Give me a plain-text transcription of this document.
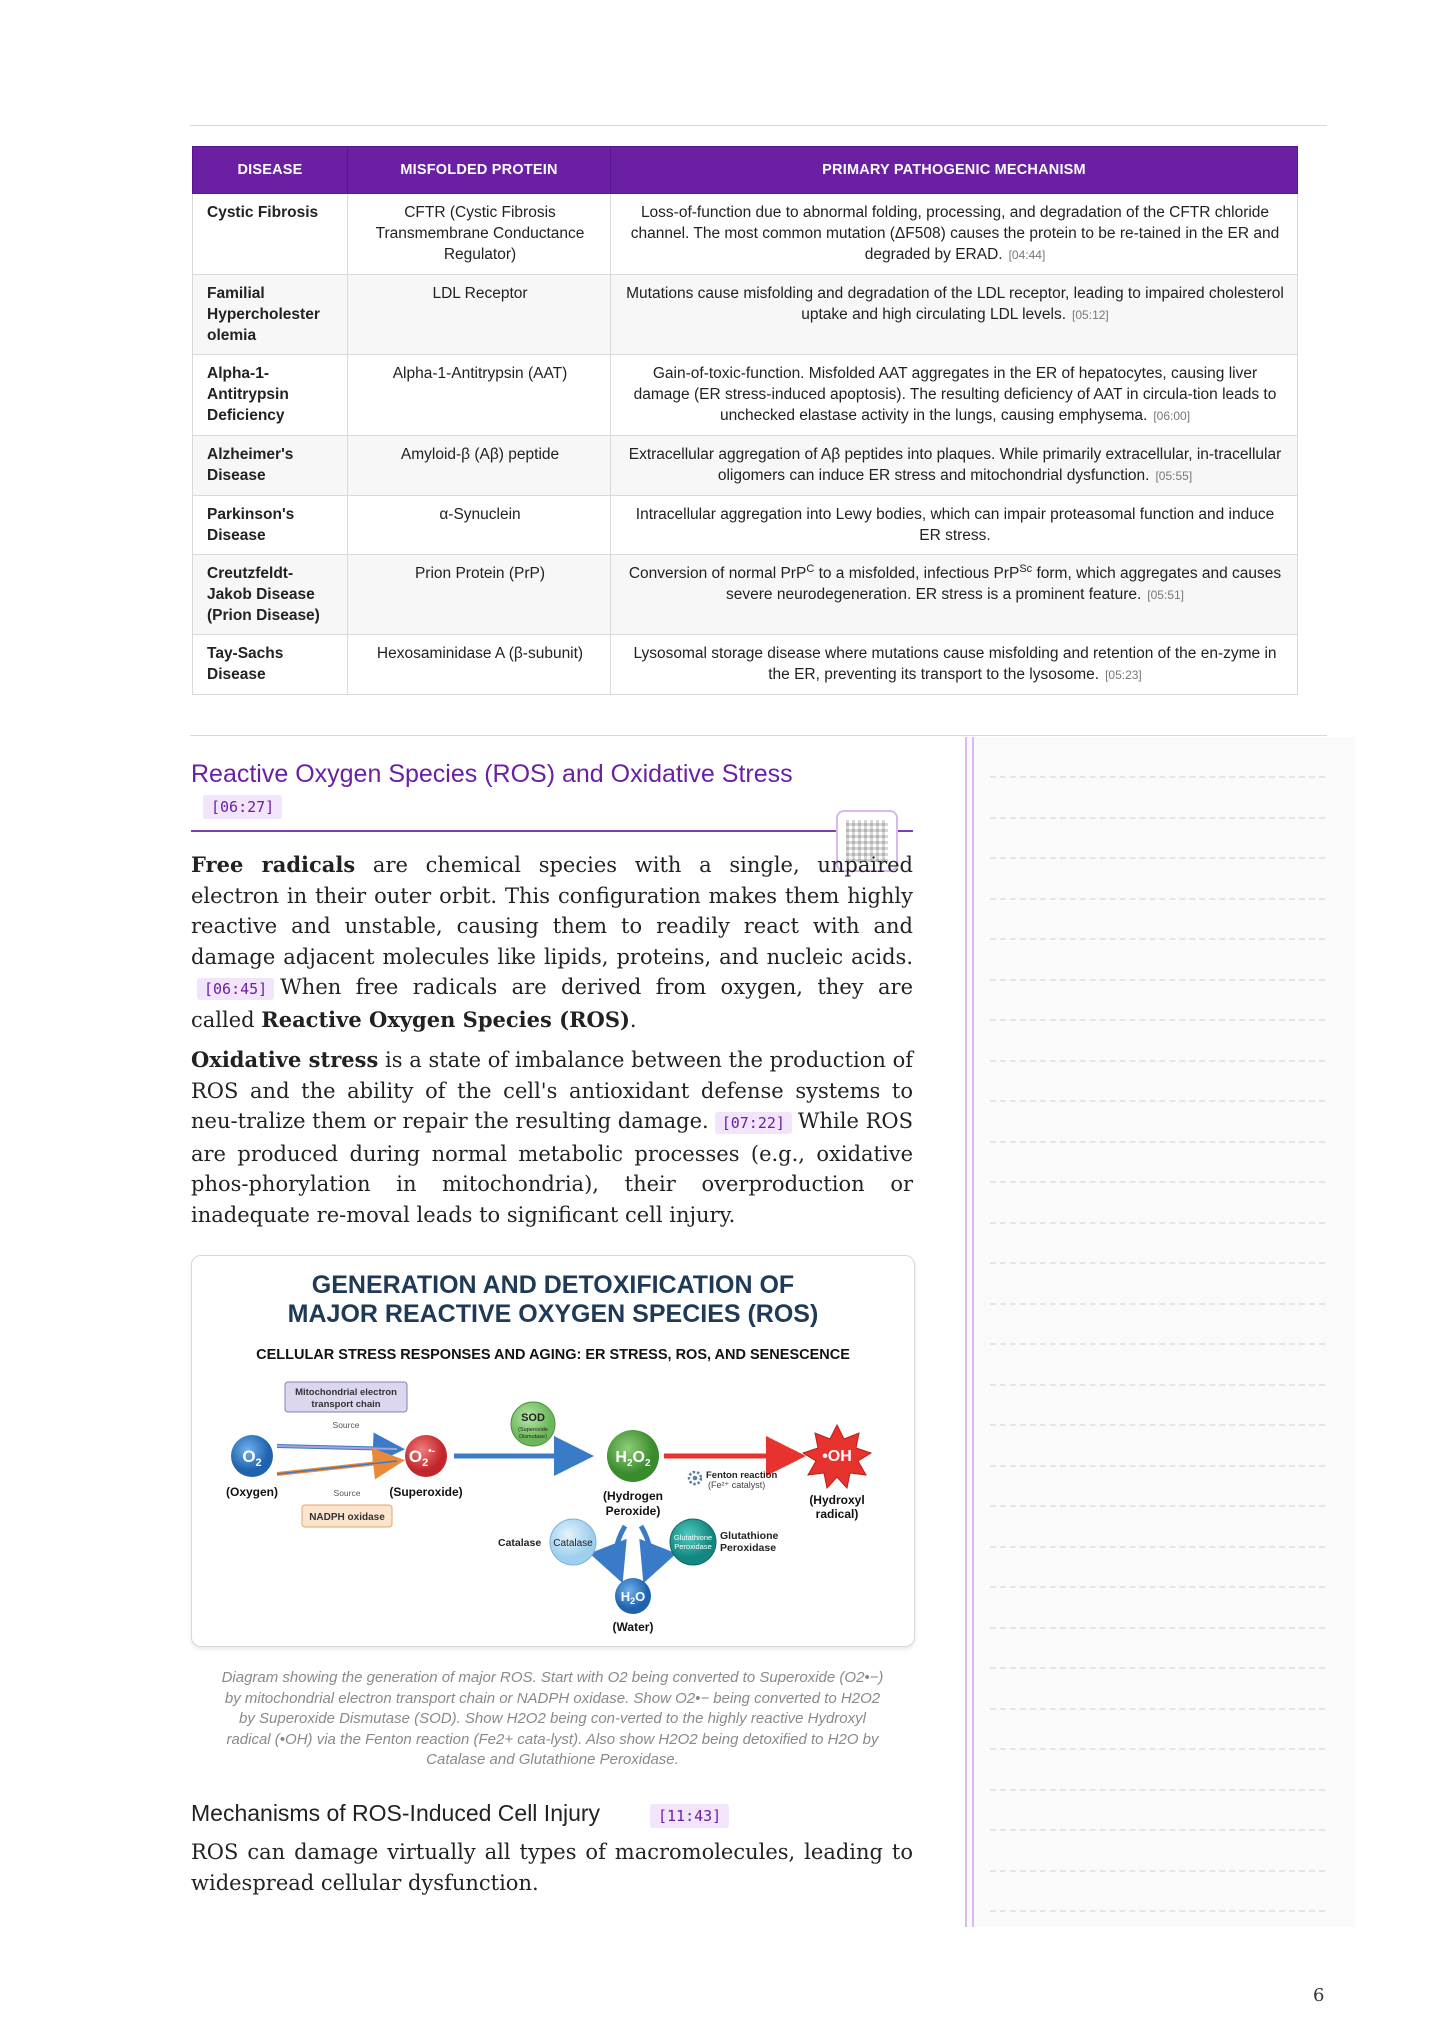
DISEASE	MISFOLDED PROTEIN	PRIMARY PATHOGENIC MECHANISM
Cystic Fibrosis	CFTR (Cystic Fibrosis Transmembrane Conductance Regulator)	Loss-of-function due to abnormal folding, processing, and degradation of the CFTR chloride channel. The most common mutation (ΔF508) causes the protein to be re-tained in the ER and degraded by ERAD. [04:44]
Familial Hypercholester olemia	LDL Receptor	Mutations cause misfolding and degradation of the LDL receptor, leading to impaired cholesterol uptake and high circulating LDL levels. [05:12]
Alpha-1-Antitrypsin Deficiency	Alpha-1-Antitrypsin (AAT)	Gain-of-toxic-function. Misfolded AAT aggregates in the ER of hepatocytes, causing liver damage (ER stress-induced apoptosis). The resulting deficiency of AAT in circula-tion leads to unchecked elastase activity in the lungs, causing emphysema. [06:00]
Alzheimer's Disease	Amyloid-β (Aβ) peptide	Extracellular aggregation of Aβ peptides into plaques. While primarily extracellular, in-tracellular oligomers can induce ER stress and mitochondrial dysfunction. [05:55]
Parkinson's Disease	α-Synuclein	Intracellular aggregation into Lewy bodies, which can impair proteasomal function and induce ER stress.
Creutzfeldt-Jakob Disease (Prion Disease)	Prion Protein (PrP)	Conversion of normal PrP$^C$ to a misfolded, infectious PrP$^{Sc}$ form, which aggregates and causes severe neurodegeneration. ER stress is a prominent feature. [05:51]
Tay-Sachs Disease	Hexosaminidase A (β-subunit)	Lysosomal storage disease where mutations cause misfolding and retention of the en-zyme in the ER, preventing its transport to the lysosome. [05:23]
Reactive Oxygen Species (ROS) and Oxidative Stress
[06:27]
Free radicals are chemical species with a single, unpaired electron in their outer orbit. This configuration makes them highly reactive and unstable, causing them to readily react with and damage adjacent molecules like lipids, proteins, and nucleic acids.[06:45] When free radicals are derived from oxygen, they are called Reactive Oxygen Species (ROS).
Oxidative stress is a state of imbalance between the production of ROS and the ability of the cell's antioxidant defense systems to neu-tralize them or repair the resulting damage. [07:22] While ROS are produced during normal metabolic processes (e.g., oxidative phos-phorylation in mitochondria), their overproduction or inadequate re-moval leads to significant cell injury.
GENERATION AND DETOXIFICATION OF
MAJOR REACTIVE OXYGEN SPECIES (ROS)
CELLULAR STRESS RESPONSES AND AGING: ER STRESS, ROS, AND SENESCENCE
Mitochondrial electron
transport chain
Source
NADPH oxidase
Source
$O_2$
(Oxygen)
$O_2^{•-}$
(Superoxide)
SOD
(Superoxide
Dismutase)
$H_2O_2$
(Hydrogen
Peroxide)
Fenton reaction
(Fe²⁺ catalyst)
•OH
(Hydroxyl
radical)
Catalase Catalase
Glutathione
Peroxidase
Glutathione
Peroxidase
$H_2O$
(Water)
Diagram showing the generation of major ROS. Start with O2 being converted to Superoxide (O2•−) by mitochondrial electron transport chain or NADPH oxidase. Show O2•− being converted to H2O2 by Superoxide Dismutase (SOD). Show H2O2 being con-verted to the highly reactive Hydroxyl radical (•OH) via the Fenton reaction (Fe2+ cata-lyst). Also show H2O2 being detoxified to H2O by Catalase and Glutathione Peroxidase.
Mechanisms of ROS-Induced Cell Injury	[11:43]
ROS can damage virtually all types of macromolecules, leading to widespread cellular dysfunction.
6
